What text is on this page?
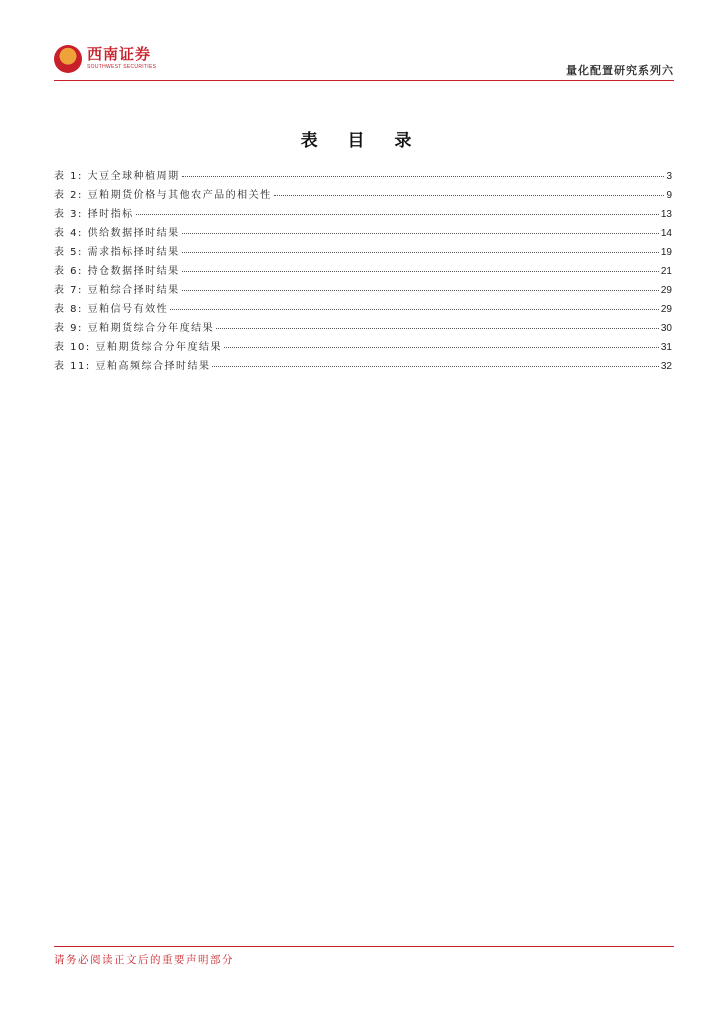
西南证券
SOUTHWEST SECURITIES	量化配置研究系列六
表 目 录
表 1: 大豆全球种植周期	3
表 2: 豆粕期货价格与其他农产品的相关性	9
表 3: 择时指标	13
表 4: 供给数据择时结果	14
表 5: 需求指标择时结果	19
表 6: 持仓数据择时结果	21
表 7: 豆粕综合择时结果	29
表 8: 豆粕信号有效性	29
表 9: 豆粕期货综合分年度结果	30
表 10: 豆粕期货综合分年度结果	31
表 11: 豆粕高频综合择时结果	32
请务必阅读正文后的重要声明部分
